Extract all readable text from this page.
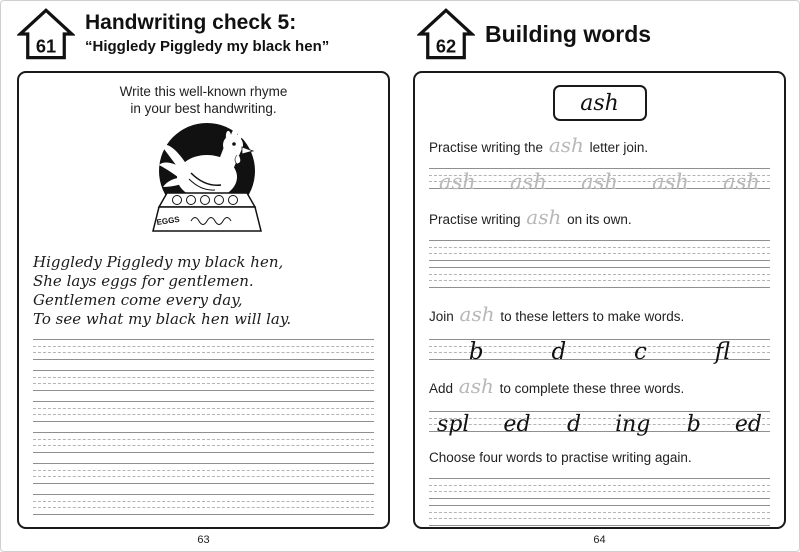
61
Handwriting check 5:
“Higgledy Piggledy my black hen”
Write this well-known rhyme
in your best handwriting.
EGGS
Higgledy Piggledy my black hen,
She lays eggs for gentlemen.
Gentlemen come every day,
To see what my black hen will lay.
63
62 Building words
ash
Practise writing the ash letter join.
ash ash ash ash ash
Practise writing ash on its own.
Join ash to these letters to make words.
b	d	c	fl
Add ash to complete these three words.
spl ed d ing b ed
Choose four words to practise writing again.
64
